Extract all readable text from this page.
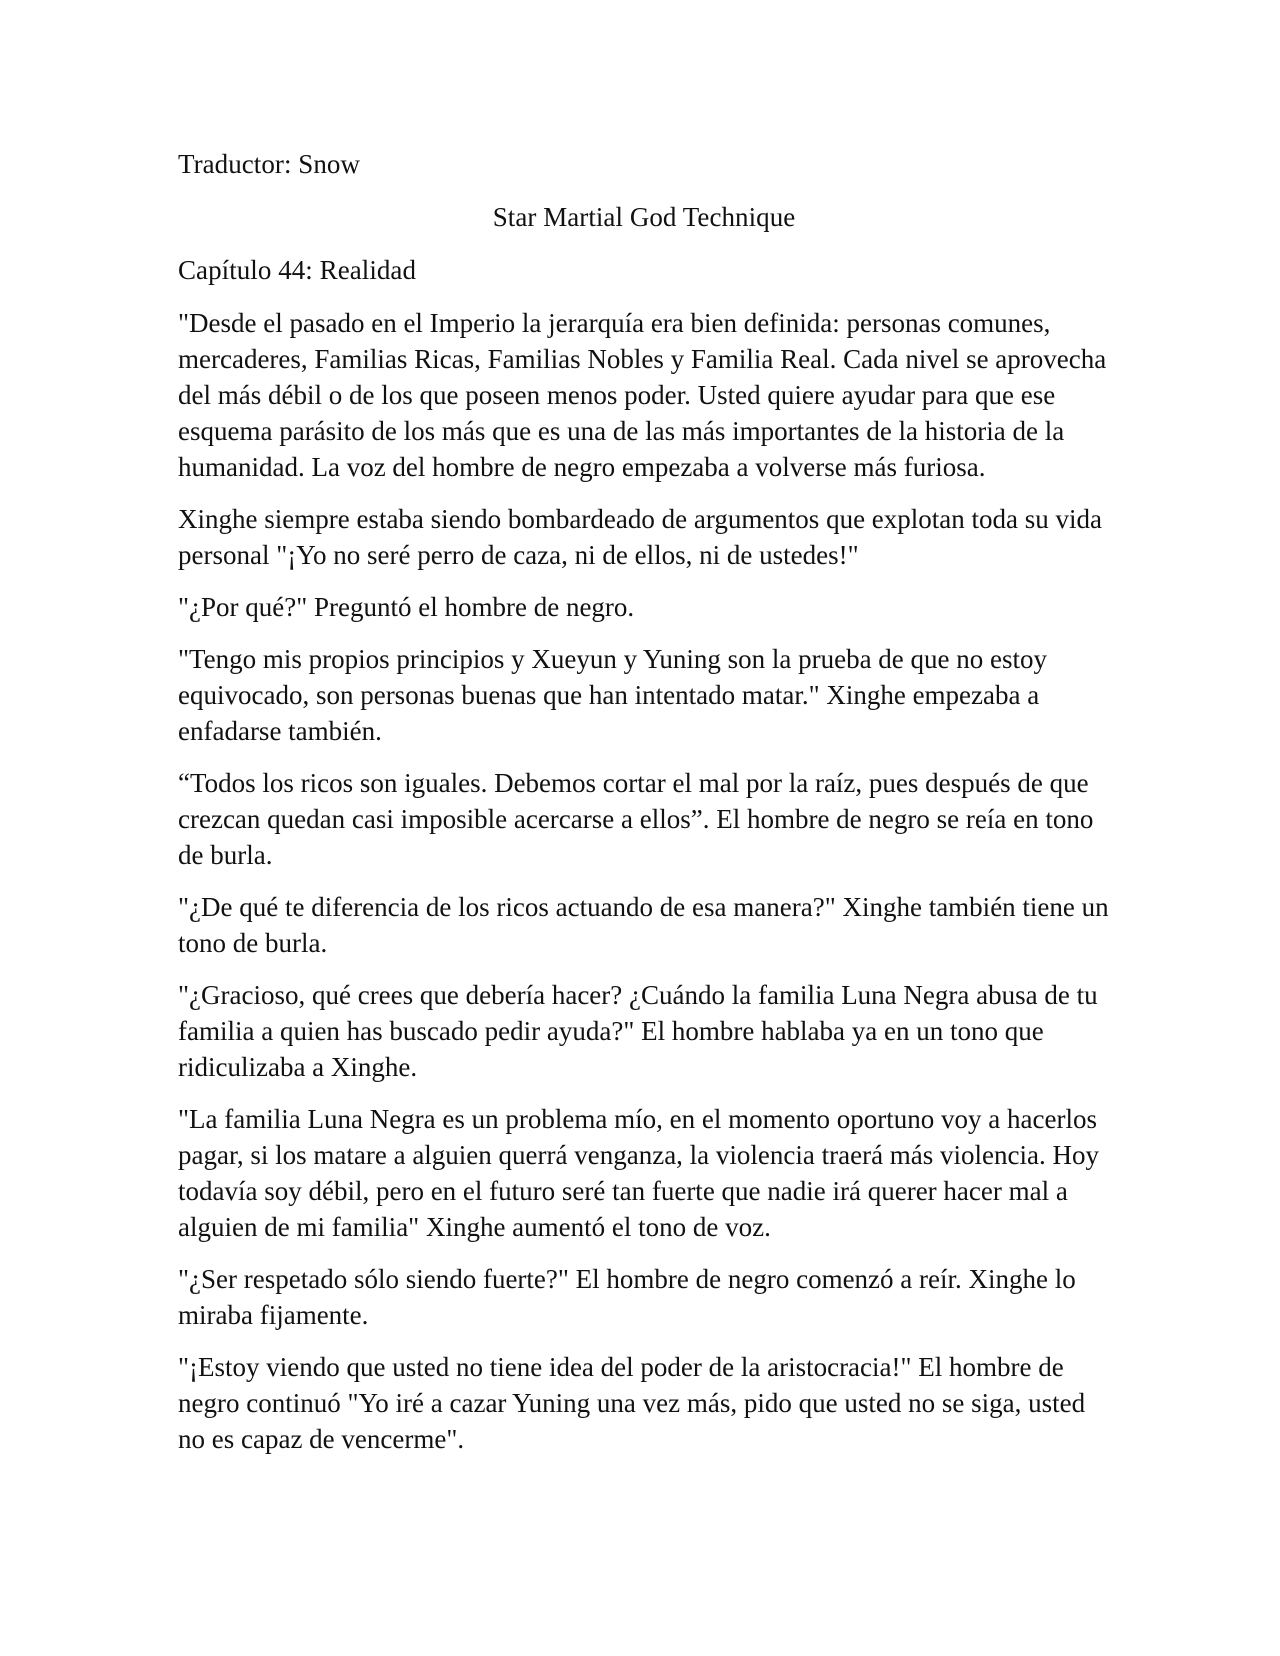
Traductor: Snow

Star Martial God Technique

Capítulo 44: Realidad

"Desde el pasado en el Imperio la jerarquía era bien definida: personas comunes, mercaderes, Familias Ricas, Familias Nobles y Familia Real. Cada nivel se aprovecha del más débil o de los que poseen menos poder. Usted quiere ayudar para que ese esquema parásito de los más que es una de las más importantes de la historia de la humanidad. La voz del hombre de negro empezaba a volverse más furiosa.

Xinghe siempre estaba siendo bombardeado de argumentos que explotan toda su vida personal "¡Yo no seré perro de caza, ni de ellos, ni de ustedes!"

"¿Por qué?" Preguntó el hombre de negro.

"Tengo mis propios principios y Xueyun y Yuning son la prueba de que no estoy equivocado, son personas buenas que han intentado matar." Xinghe empezaba a enfadarse también.

“Todos los ricos son iguales. Debemos cortar el mal por la raíz, pues después de que crezcan quedan casi imposible acercarse a ellos”. El hombre de negro se reía en tono de burla.

"¿De qué te diferencia de los ricos actuando de esa manera?" Xinghe también tiene un tono de burla.

"¿Gracioso, qué crees que debería hacer? ¿Cuándo la familia Luna Negra abusa de tu familia a quien has buscado pedir ayuda?" El hombre hablaba ya en un tono que ridiculizaba a Xinghe.

"La familia Luna Negra es un problema mío, en el momento oportuno voy a hacerlos pagar, si los matare a alguien querrá venganza, la violencia traerá más violencia. Hoy todavía soy débil, pero en el futuro seré tan fuerte que nadie irá querer hacer mal a alguien de mi familia" Xinghe aumentó el tono de voz.

"¿Ser respetado sólo siendo fuerte?" El hombre de negro comenzó a reír. Xinghe lo miraba fijamente.

"¡Estoy viendo que usted no tiene idea del poder de la aristocracia!" El hombre de negro continuó "Yo iré a cazar Yuning una vez más, pido que usted no se siga, usted no es capaz de vencerme".
